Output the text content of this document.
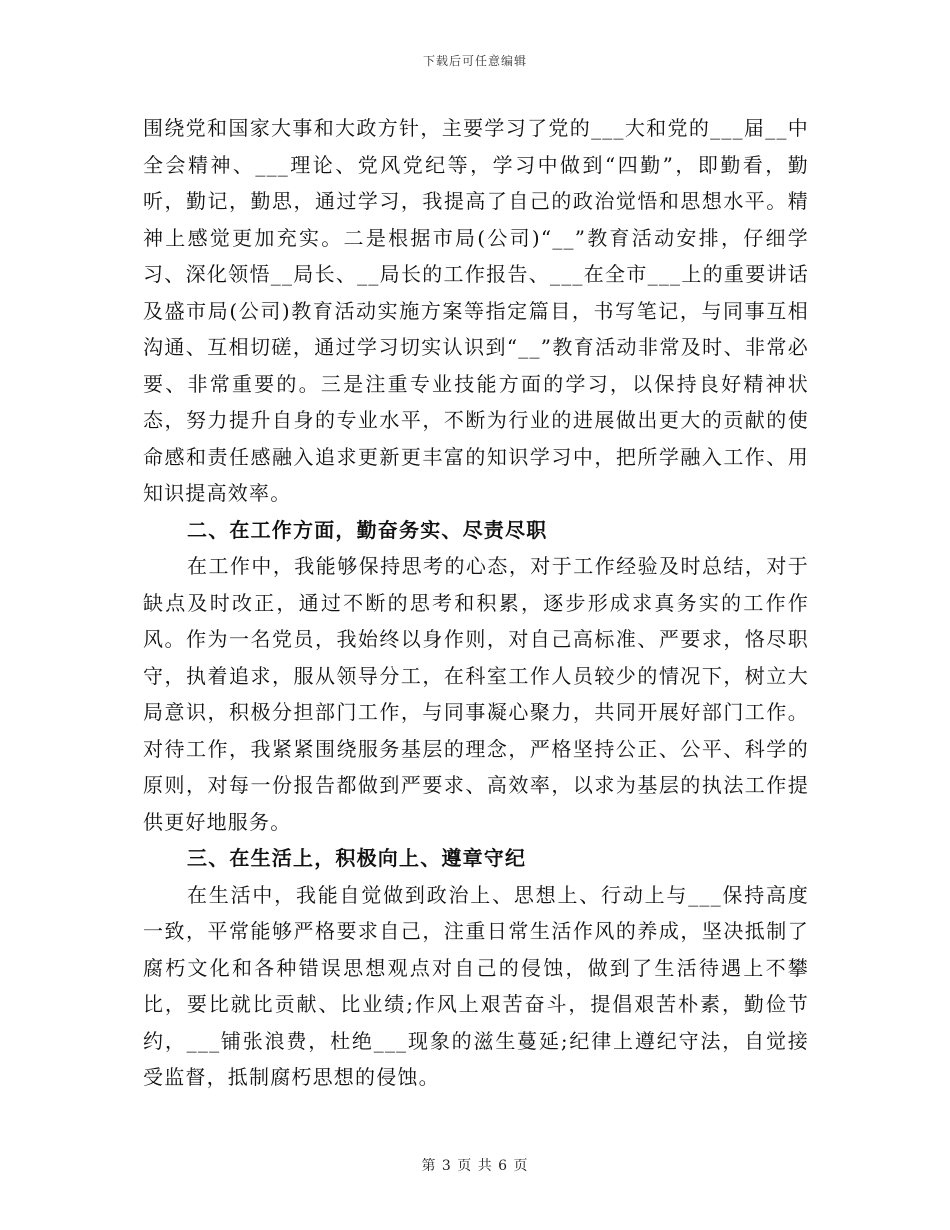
下载后可任意编辑

围绕党和国家大事和大政方针，主要学习了党的___大和党的___届__中全会精神、___理论、党风党纪等，学习中做到“四勤”，即勤看，勤听，勤记，勤思，通过学习，我提高了自己的政治觉悟和思想水平。精神上感觉更加充实。二是根据市局(公司)“__”教育活动安排，仔细学习、深化领悟__局长、__局长的工作报告、___在全市___上的重要讲话及盛市局(公司)教育活动实施方案等指定篇目，书写笔记，与同事互相沟通、互相切磋，通过学习切实认识到“__”教育活动非常及时、非常必要、非常重要的。三是注重专业技能方面的学习，以保持良好精神状态，努力提升自身的专业水平，不断为行业的进展做出更大的贡献的使命感和责任感融入追求更新更丰富的知识学习中，把所学融入工作、用知识提高效率。

二、在工作方面，勤奋务实、尽责尽职

在工作中，我能够保持思考的心态，对于工作经验及时总结，对于缺点及时改正，通过不断的思考和积累，逐步形成求真务实的工作作风。作为一名党员，我始终以身作则，对自己高标准、严要求，恪尽职守，执着追求，服从领导分工，在科室工作人员较少的情况下，树立大局意识，积极分担部门工作，与同事凝心聚力，共同开展好部门工作。对待工作，我紧紧围绕服务基层的理念，严格坚持公正、公平、科学的原则，对每一份报告都做到严要求、高效率，以求为基层的执法工作提供更好地服务。

三、在生活上，积极向上、遵章守纪

在生活中，我能自觉做到政治上、思想上、行动上与___保持高度一致，平常能够严格要求自己，注重日常生活作风的养成，坚决抵制了腐朽文化和各种错误思想观点对自己的侵蚀，做到了生活待遇上不攀比，要比就比贡献、比业绩;作风上艰苦奋斗，提倡艰苦朴素，勤俭节约，___铺张浪费，杜绝___现象的滋生蔓延;纪律上遵纪守法，自觉接受监督，抵制腐朽思想的侵蚀。

第 3 页 共 6 页
